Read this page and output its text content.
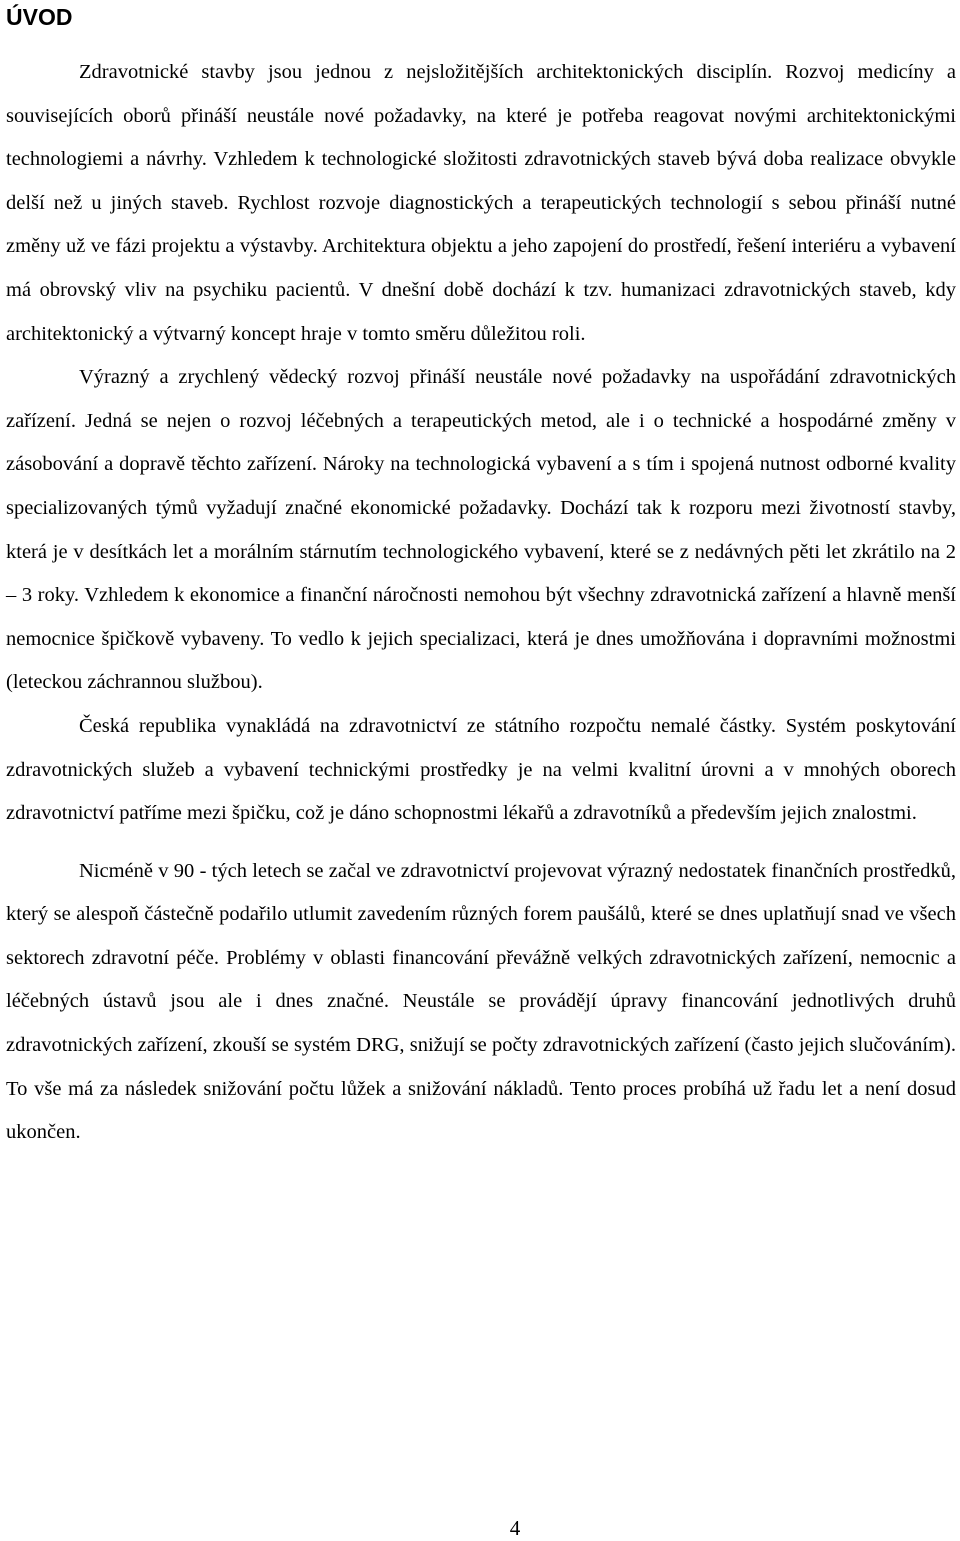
ÚVOD

Zdravotnické stavby jsou jednou z nejsložitějších architektonických disciplín. Rozvoj medicíny a souvisejících oborů přináší neustále nové požadavky, na které je potřeba reagovat novými architektonickými technologiemi a návrhy. Vzhledem k technologické složitosti zdravotnických staveb bývá doba realizace obvykle delší než u jiných staveb. Rychlost rozvoje diagnostických a terapeutických technologií s sebou přináší nutné změny už ve fázi projektu a výstavby. Architektura objektu a jeho zapojení do prostředí, řešení interiéru a vybavení má obrovský vliv na psychiku pacientů. V dnešní době dochází k tzv. humanizaci zdravotnických staveb, kdy architektonický a výtvarný koncept hraje v tomto směru důležitou roli.

Výrazný a zrychlený vědecký rozvoj přináší neustále nové požadavky na uspořádání zdravotnických zařízení. Jedná se nejen o rozvoj léčebných a terapeutických metod, ale i o technické a hospodárné změny v zásobování a dopravě těchto zařízení. Nároky na technologická vybavení a s tím i spojená nutnost odborné kvality specializovaných týmů vyžadují značné ekonomické požadavky. Dochází tak k rozporu mezi životností stavby, která je v desítkách let a morálním stárnutím technologického vybavení, které se z nedávných pěti let zkrátilo na 2 – 3 roky. Vzhledem k ekonomice a finanční náročnosti nemohou být všechny zdravotnická zařízení a hlavně menší nemocnice špičkově vybaveny. To vedlo k jejich specializaci, která je dnes umožňována i dopravními možnostmi (leteckou záchrannou službou).

Česká republika vynakládá na zdravotnictví ze státního rozpočtu nemalé částky. Systém poskytování zdravotnických služeb a vybavení technickými prostředky je na velmi kvalitní úrovni a v mnohých oborech zdravotnictví patříme mezi špičku, což je dáno schopnostmi lékařů a zdravotníků a především jejich znalostmi.

Nicméně v 90 - tých letech se začal ve zdravotnictví projevovat výrazný nedostatek finančních prostředků, který se alespoň částečně podařilo utlumit zavedením různých forem paušálů, které se dnes uplatňují snad ve všech sektorech zdravotní péče. Problémy v oblasti financování převážně velkých zdravotnických zařízení, nemocnic a léčebných ústavů jsou ale i dnes značné. Neustále se provádějí úpravy financování jednotlivých druhů zdravotnických zařízení, zkouší se systém DRG, snižují se počty zdravotnických zařízení (často jejich slučováním). To vše má za následek snižování počtu lůžek a snižování nákladů. Tento proces probíhá už řadu let a není dosud ukončen.

4
